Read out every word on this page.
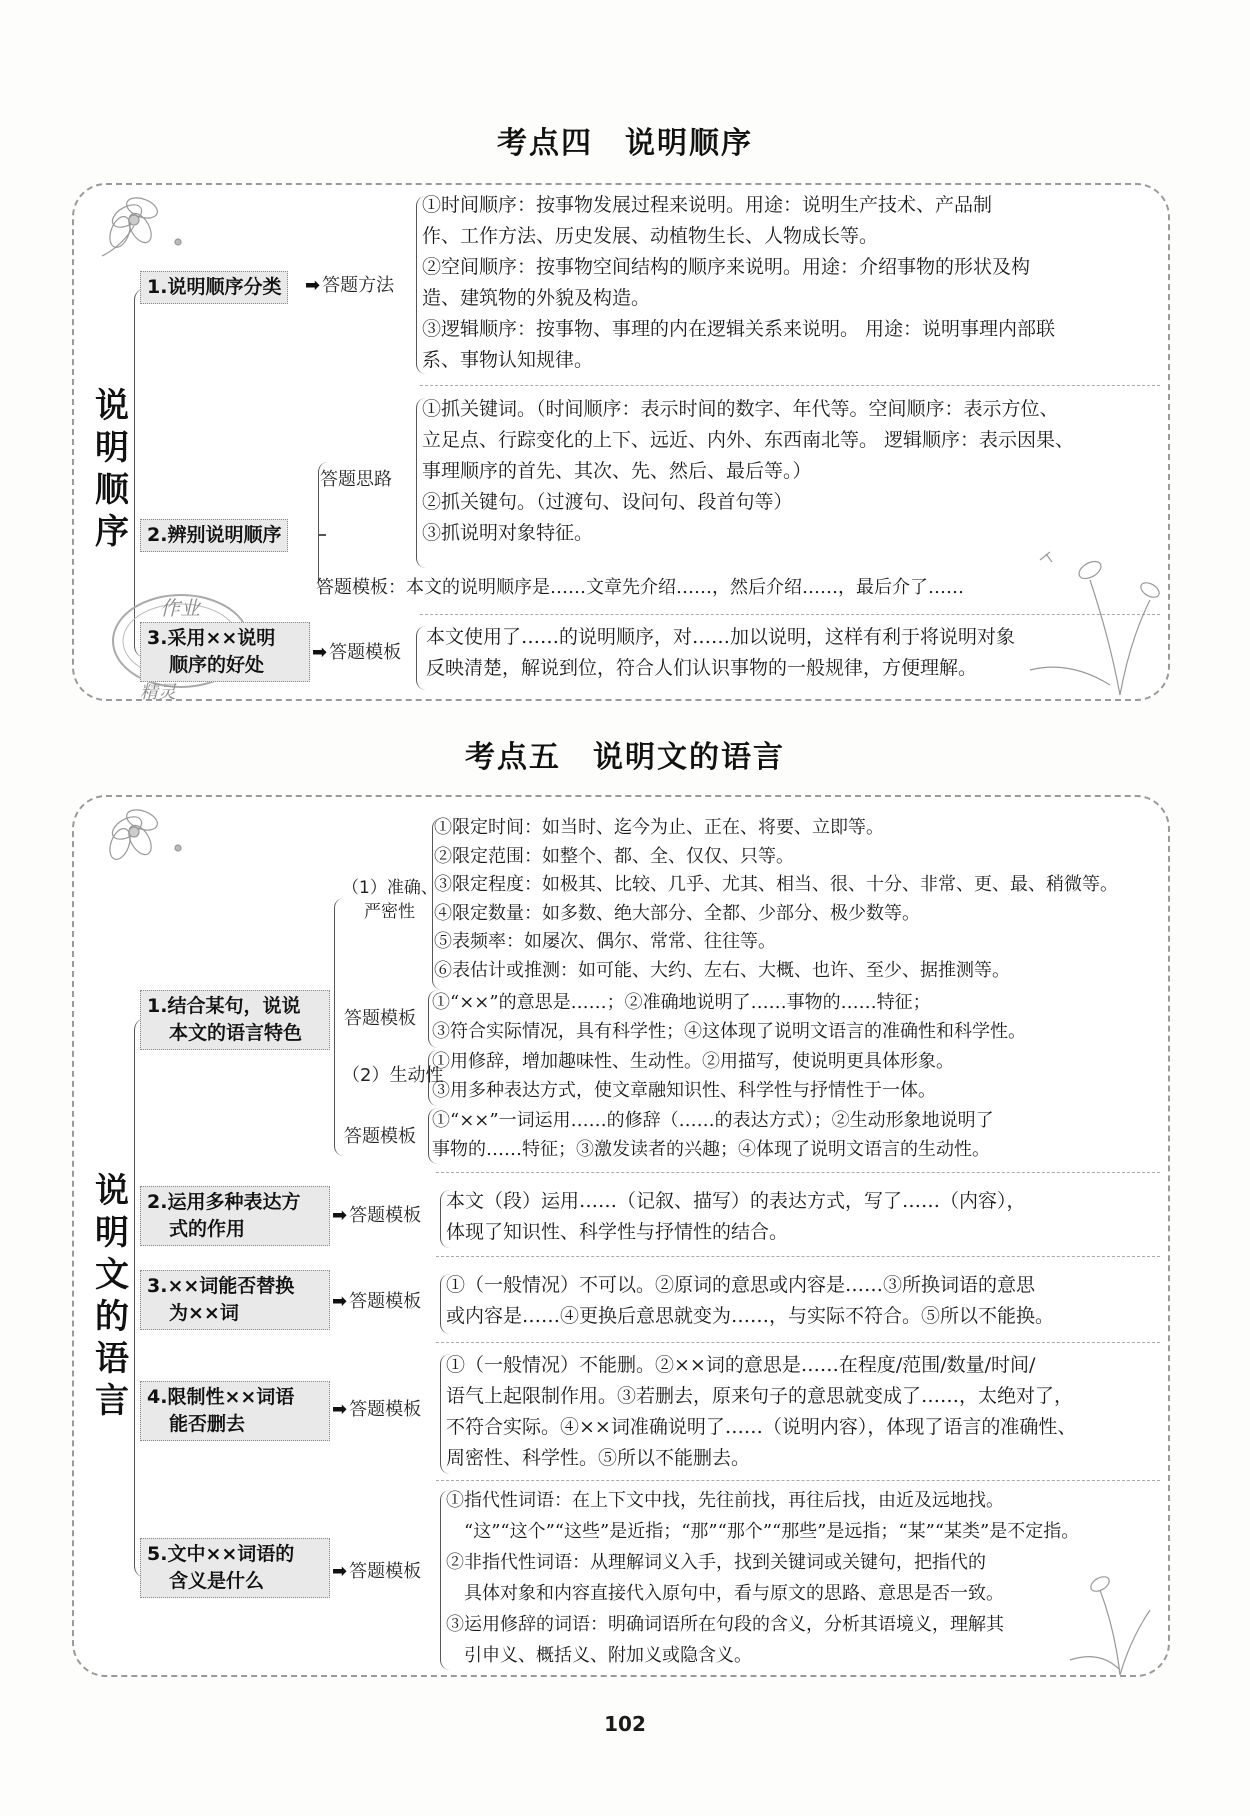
考点四　说明顺序
说
明
顺
序
1.说明顺序分类	➡ 答题方法
①时间顺序：按事物发展过程来说明。用途：说明生产技术、产品制
作、工作方法、历史发展、动植物生长、人物成长等。
②空间顺序：按事物空间结构的顺序来说明。用途：介绍事物的形状及构
造、建筑物的外貌及构造。
③逻辑顺序：按事物、事理的内在逻辑关系来说明。 用途：说明事理内部联
系、事物认知规律。
2.辨别说明顺序
答题思路
①抓关键词。（时间顺序：表示时间的数字、年代等。空间顺序：表示方位、
立足点、行踪变化的上下、远近、内外、东西南北等。 逻辑顺序：表示因果、
事理顺序的首先、其次、先、然后、最后等。）
②抓关键句。（过渡句、设问句、段首句等）
③抓说明对象特征。
答题模板：本文的说明顺序是……文章先介绍……，然后介绍……，最后介了……
作业
精灵
3.采用××说明
顺序的好处
➡ 答题模板
本文使用了……的说明顺序，对……加以说明，这样有利于将说明对象
反映清楚，解说到位，符合人们认识事物的一般规律，方便理解。
考点五　说明文的语言
说
明
文
的
语
言
1.结合某句，说说
本文的语言特色
（1）准确、
严密性
①限定时间：如当时、迄今为止、正在、将要、立即等。
②限定范围：如整个、都、全、仅仅、只等。
③限定程度：如极其、比较、几乎、尤其、相当、很、十分、非常、更、最、稍微等。
④限定数量：如多数、绝大部分、全都、少部分、极少数等。
⑤表频率：如屡次、偶尔、常常、往往等。
⑥表估计或推测：如可能、大约、左右、大概、也许、至少、据推测等。
答题模板
①“××”的意思是……；②准确地说明了……事物的……特征；
③符合实际情况，具有科学性；④这体现了说明文语言的准确性和科学性。
（2）生动性
①用修辞，增加趣味性、生动性。②用描写，使说明更具体形象。
③用多种表达方式，使文章融知识性、科学性与抒情性于一体。
答题模板
①“××”一词运用……的修辞（……的表达方式）；②生动形象地说明了
事物的……特征；③激发读者的兴趣；④体现了说明文语言的生动性。
2.运用多种表达方
式的作用
➡ 答题模板
本文（段）运用……（记叙、描写）的表达方式，写了……（内容），
体现了知识性、科学性与抒情性的结合。
3.××词能否替换
为××词
➡ 答题模板
①（一般情况）不可以。②原词的意思或内容是……③所换词语的意思
或内容是……④更换后意思就变为……，与实际不符合。⑤所以不能换。
4.限制性××词语
能否删去
➡ 答题模板
①（一般情况）不能删。②××词的意思是……在程度/范围/数量/时间/
语气上起限制作用。③若删去，原来句子的意思就变成了……，太绝对了，
不符合实际。④××词准确说明了……（说明内容），体现了语言的准确性、
周密性、科学性。⑤所以不能删去。
5.文中××词语的
含义是什么	➡ 答题模板
①指代性词语：在上下文中找，先往前找，再往后找，由近及远地找。
　“这”“这个”“这些”是近指；“那”“那个”“那些”是远指；“某”“某类”是不定指。
②非指代性词语：从理解词义入手，找到关键词或关键句，把指代的
　具体对象和内容直接代入原句中，看与原文的思路、意思是否一致。
③运用修辞的词语：明确词语所在句段的含义，分析其语境义，理解其
　引申义、概括义、附加义或隐含义。
102
